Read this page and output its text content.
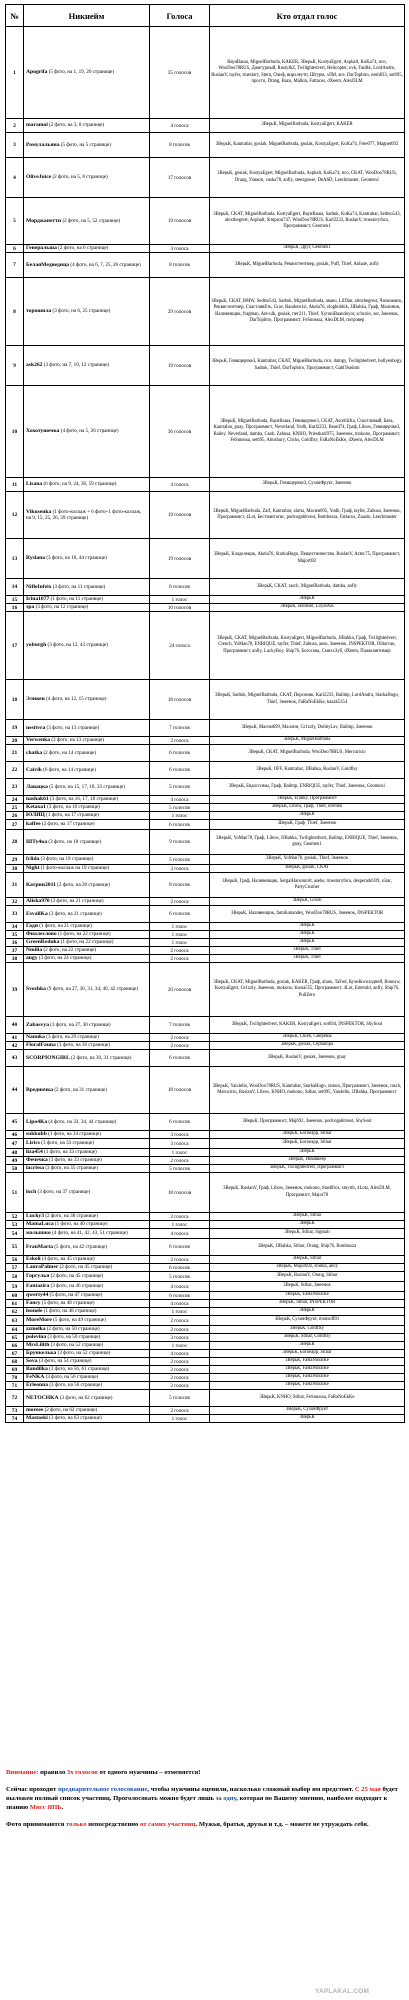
№	Никнейм	Голоса	Кто отдал голос
1	Apogrifa (5 фото, на 1, 19, 20 странице)	35 голосов	ВауиВаша, MiguelBarbuda, KAKER, 3ВерьК, KostyaEgert, Asphalt, KuKa74, псо, WooDoo78RUS, Джигурный, Rusty&Z, Twilightedvert, Helicopter, ovk, FanBk, LordAndru, RuslanV, tayfer, trueslory, Stern, Олиф, вирхлеутп, Штурм, эЛМ, асе, DarTopbiro, nesh833, sot695, просто, Drang, Ваzо, Malkin, Fattacus, dXeem, AlexDLM
2	maramol (2 фото, на 3, 8 странице)	4 голоса	3ВерьК, MiguelBarbuda, KostyaEgert, KAKER
3	Ромулальяна (5 фото, на 5 странице)	8 голосов	3ВерьК, Kantrabar, gosiak, MiguelBarbuda, gosiak, KostyaEgert, KuKa74, Free077, Magnet692
4	OliveJuice (2 фото, на 5, 8 странице)	17 голосов	3ВерьК, gosiak, KostyaEgert, MiguelBarbuda, Asphalt, KuKa74, псо, CKAT, WooDoo78RUS, Drang, Ухвкоп, vaska78, anfly, steezgoose, DeASD, Leechmaster, Geomen1
5	Морджанетти (2 фото, на 5, 52 странице)	19 голосов	3ВерьК, CKAT, MiguelBarbuda, KostyaEgert, ВауиВаша, Sadtok, KuKa74, Kantrabar, Sedtso543, alexthegrest, Asphalt, Simpson747, WooDoo78RUS, Karl2233, RuslanV, truestoryfora, Программист, Geomen1
6	Генеральша (2 фото, на 6 странице)	3 голоса	3ВерьК, Друг, Geomen1
7	БелаяМедведица (4 фото, на 6, 7, 25, 26 странице)	8 голосов	3ВерьК, MiguelBarbuda, Реквистентмер, gosiak, Puff, Thief, Anhaie, anfly
8	торошила (3 фото, на 6, 25 странице)	29 голосов	3ВерьК, CKAT, BMW, Sedtso543, Sadtok, MiguelBarbuda, anaeu, LilDan, alexthegrest, Чилкомиск, Реквистентмер, СчастливЕть, Grav, Random1si, Akela76, zlogbubhik, JJBahka, Граф, Малинин, Наливенщик, fragman, Ant-ulk, gosiak, пет211, Thief, XyroniBaandoyor, schcolo, sor, Змеенок, DarTopbiro, Программист, FeSnnsssa, AlexDLM, потровер
9	ask262 (3 фото, на 7, 10, 12 странице)	19 голосов	3ВерьК, Гевищерчке3, Kantrabar, CKAT, MiguelBarbuda, псо, damgy, Twilightedvert, bullyenbogy, Sadtok, Thief, DarTopbiro, Программист, GablTeadom
10	Хохотушечка (4 фото, на 5, 26 странице)	36 голосов	3ВерьК, MiguelBarbuda, ВауиВаша, Гевищерчке3, CKAT, AsortiiiKa, Счастливый, Бяза, Kantrabar, gnay, Программист, Neverland, Yodh, Karl2233, Beard74, Граф, Libow, Гевищерчке3, Bailey, Neverland, damba, Скоb, Zabusa, KNHO, PriestkarI975, Змеенок, mokono, Программист, FeSnnsssa, set695, Abushury, Clicks, Goldflsy, FaRaNoEkKe, dXeem, AlexDLM
11	Lisana (6 фото, на 9, 24, 36, 59 странице)	4 голоса	3ВерьК, Гевищерчке3, СуховФрукт, Змеенок
12	Vikusenka (1 фото-коллаж + 6 фото+1 фото-коллаж, на 9, 15, 25, 26, 39 странице)	19 голосов	3ВерьК, MiguelBarbuda, Zaif, Kantrabar, alаты, Maсим095, Yodh, Граф, tayfer, Zabusa, Змеенок, Программист, 4Lot, Бестиантагис, podvogabitvest, Bombosza, Fattacus, Zuasin, Leechmaster
13	Ryslana (3 фото, на 10, 44 странице)	19 голосов	3ВерьК, Кладелецик, Akela76, StarkaHugo, Пещестничество, RuslanV, Aztec75, Программист, Major692
14	NifleInfeix (3 фото, на 11 странице)	6 голосов	3ВерьК, CKAT, rasch, MiguelBarbuda, damba, anfly
15	Irina1077 (1 фото, на 11 странице)	1 голос	3ВерьК
16	эра (3 фото, на 12 странице)	10 голосов	3ВерьК, iadonser, LoyalAss
17	yoburgh (3 фото, на 12, 43 странице)	24 голоса	3ВерьК, CKAT, MiguelBarbuda, KostyaEgert, MiguelBarbuda, JJBahka, Граф, Twilightedvert, Clench, YoMan78, ENRIQUE, tayfer, Thief, Zabusa, ansu, Змеенок, INSPEKTOR, Olitarvan, Программист, anfly, LuckyBoy, Ship76, Богосова, СмиххЗуб, dXeem, Пажкиантимир
18	Эликен (4 фото, на 12, 15 странице)	18 голосов	3ВерьК, Sadtok, MiguelBarbuda, CKAT, Персоник, Karl2233, Bailmp, LordAndru, StarkaHugo, Thief, Змеенок, FaRaNoEkKe, kazak5354
19	nesitvra (3 фото, на 13 странице)	7 голосов	3ВерьК, Масим699, Маллин, Gr1zzly, DobbyLav, Bailmp, Змеенок
20	Verwenka (3 фото, на 13 странице)	2 голоса	3ВерьК, MiguelBarbuda
21	chatka (2 фото, на 14 странице)	6 голосов	3ВерьК, CKAT, MiguelBarbuda, WooDoo78RUS, Mercuricio
22	Caivik (6 фото, на 14 странице)	6 голосов	3ВерьК, OFF, Kantrabar, JJBahka, RuslanV, Goldflsy
23	Лавацка (5 фото, на 15, 17, 18, 33 странице)	5 голосов	3ВерьК, Евдоссимы, Граф, Bailmp, ENRIQUE, tayfer, Thief, Змеенок, Geomen1
24	nashak61 (3 фото, на 16, 17, 18 странице)	4 голоса	3ВерьК, Franky, Программист
25	Ketaxa1 (3 фото, на 18 странице)	5 голосов	3ВерьК, Libow, Граф, Thief, kremen
26	ЮЛИЦ (1 фото, на 17 странице)	1 голос	3ВерьК
27	kaffee (2 фото, на 17 странице)	6 голосов	3ВерьК, Граф, Thief, Змеенок
28	ШТу4ка (3 фото, на 18 странице)	9 голосов	3ВерьК, YoMan78, Граф, Libow, JJBahka, Twilightedvert, Bailmp, ENRIQUE, Thief, Змеенок, gnay, Geomen1
29	fclida (3 фото, на 19 странице)	5 голосов	3ВерьК, YoMan78, gosiak, Thief, Змеенок
30	Night (1 фото-коллаж на 19 странице)	3 голоса	3ВерьК, gosiak, CKAT
31	Катрин2011 (2 фото, на 20 странице)	8 голосов	3ВерьК, Граф, Наливенщик, SergalHarsonnirt, asebs, truestoryforu, desperado939, s5tar, PartyCrusher
32	Aliska970 (3 фото, на 21 странице)	2 голоса	3ВерьК, Grosh
33	EsvaliKa (3 фото, на 21 странице)	6 голосов	3ВерьК, Наливенщик, familumandey, WooDoo78RUS, Змеенок, INSPEKTOR
34	Гади (1 фото, на 21 странице)	1 голос	3ВерьК
35	Фиалеслово (1 фото, на 22 странице)	1 голос	3ВерьК
36	GreenReduka (1 фото, на 22 странице)	1 голос	3ВерьК
37	Nmilia (2 фото, на 22 странице)	2 голоса	3ВерьК, Thief
38	angy (3 фото, на 24 странице)	2 голоса	3ВерьК, Thief
39	Svezhka (9 фото, на 27, 30, 31, 34, 40, 42 странице)	20 голосов	3ВерьК, CKAT, MiguelBarbuda, gosiak, KAKER, Граф, alanu, TaFod, КуэнКосоходней, Bonnsw, KostyaEgert, Gr1zzly, Змеенок, mokono, Kosta555, Программист, 4Lot, Emerald, anfly, Ship76, PullZero
40	Zabasvya (3 фото, на 27, 30 странице)	7 голосов	3ВерьК, Twilightedvert, KAKER, KostyaEgert, sot694, INSPEKTOR, ShySoul
41	Nanuka (3 фото, на 29 странице)	2 голоса	3ВерьК, Chieh, Смерешь
42	FloralFauna (3 фото, на 30 странице)	2 голоса	3ВерьК, gosiak, Cephalopa
43	SCORPIONGIRL (2 фото, на 30, 31 странице)	6 голосов	3ВерьК, RuslanV, gosiak, Змеенок, gnay
44	Вредиочка (2 фото, на 31 странице)	18 голосов	3ВерьК, Yan4ello, WooDoo78RUS, Kantrabar, StarkaHugo, ramon, Программист, Змеенок, rasch, Merculcio, RuslanV, Libow, KNHO, mokono, Stihar, set095, Yan4ello, JJBahka, Программист
45	Lipo4Ka (4 фото, на 33, 34, 44 странице)	6 голосов	3ВерьК, Программист, Maj692, Змеенок, podvogabitvest, ShySoul
46	sukkubb (1 фото, на 34 странице)	3 голоса	3ВерьК, Богоеарр, Stihar
47	Lirics (3 фото, на 33 странице)	3 голоса	3ВерьК, Богоеарр, Stihar
48	liza454 (1 фото, на 33 странице)	1 голос	3ВерьК
49	Фечечка (3 фото, на 33 странице)	2 голоса	3ВерьК, Иньяшеер
50	lacrissa (3 фото, на 35 странице)	5 голосов	3ВерьК, Twilightedvert, Программист
51	luch (3 фото, на 37 странице)	18 голосов	3ВерьК, RuslanV, Граф, Libow, Змеенок, mokono, Stas8fros, smyrth, 4Lotz, AlexDLM, Програмист, Major78
52	Lucky3 (2 фото, на 38 странице)	2 голоса	3ВерьК, Stihar
53	MamaLuca (1 фото, на 40 странице)	1 голос	3ВерьК
54	малышко (4 фото, на 41, 42, 43, 51 странице)	4 голоса	3ВерьК, Stihar, Sigmab
55	FranMarta (5 фото, на 42 странице)	6 голосов	3ВерьК, JJBahka, Stihar, Orang, Ship76, Bombosza
56	Eskeli (4 фото, на 45 странице)	2 голоса	3ВерьК, Stihar
57	LauraPalmer (2 фото, на 45 странице)	6 голосов	3ВерьК, Major692, shinka, ансу
58	Горгулья (2 фото, на 45 странице)	5 голосов	3ВерьК, RuslanV, Orang, Stihar
59	Fantazira (3 фото, на 46 странице)	4 голоса	3ВерьК, Stihar, Змеенок
60	qwerty44 (5 фото, на 47 странице)	6 голосов	3ВерьК, FaRaNoEkKe
61	Fancy (5 фото, на 48 странице)	4 голоса	3ВерьК, Stihar, INSPEKTOR
62	leonele (1 фото, на 48 странице)	1 голос	3ВерьК
63	MoreMore (5 фото, на 49 странице)	2 голоса	3ВерьК, СуховФрукт, monsoff01
64	zzmelka (2 фото, на 50 странице)	2 голоса	3ВерьК, Goldflsy
65	polevina (3 фото, на 50 странице)	3 голоса	3ВерьК, Stihar, Goldflsy
66	MrsLilith (3 фото, на 52 странице)	1 голос	3ВерьК
67	Брункелька (3 фото, на 52 странице)	4 голоса	3ВерьК, Богоеарр, Stihar
68	Sova (3 фото, на 54 странице)	2 голоса	3ВерьК, FaRaNoEkKe
69	Bandilka (3 фото, на 56, 61 странице)	2 голоса	3ВерьК, FaRaNoEkKe
70	FeNKA (3 фото, на 56 странице)	2 голоса	3ВерьК, FaRaNoEkKe
71	Erleonna (3 фото, на 56 странице)	2 голоса	3ВерьК, FaRaNoEkKe
72	NETOCHKA (3 фото, на 62 странице)	5 голосов	3ВерьК, KNHO, Stihar, FeSnnsssa, FaRaNoEkKe
73	moreee (2 фото, на 62 странице)	2 голоса	3ВерьК, СуховФрукт
74	Mastaski (3 фото, на 63 странице)	1 голос	3ВерьК

Внимание: правило 3х голосов от одного мужчины – отменяется!

Сейчас проходит предварительное голосование, чтобы мужчины оценили, насколько сложный выбор им предстоит. С 25 мая будет выложен полный список участниц. Проголосовать можно будет лишь за одну, которая по Вашему мнению, наиболее подходит к званию Мисс ЯПЬ.

Фото принимаются только непосредственно от самих участниц. Мужья, братья, друзья и т.д. – можете не утруждать себя.

YAPLAKAL.COM
